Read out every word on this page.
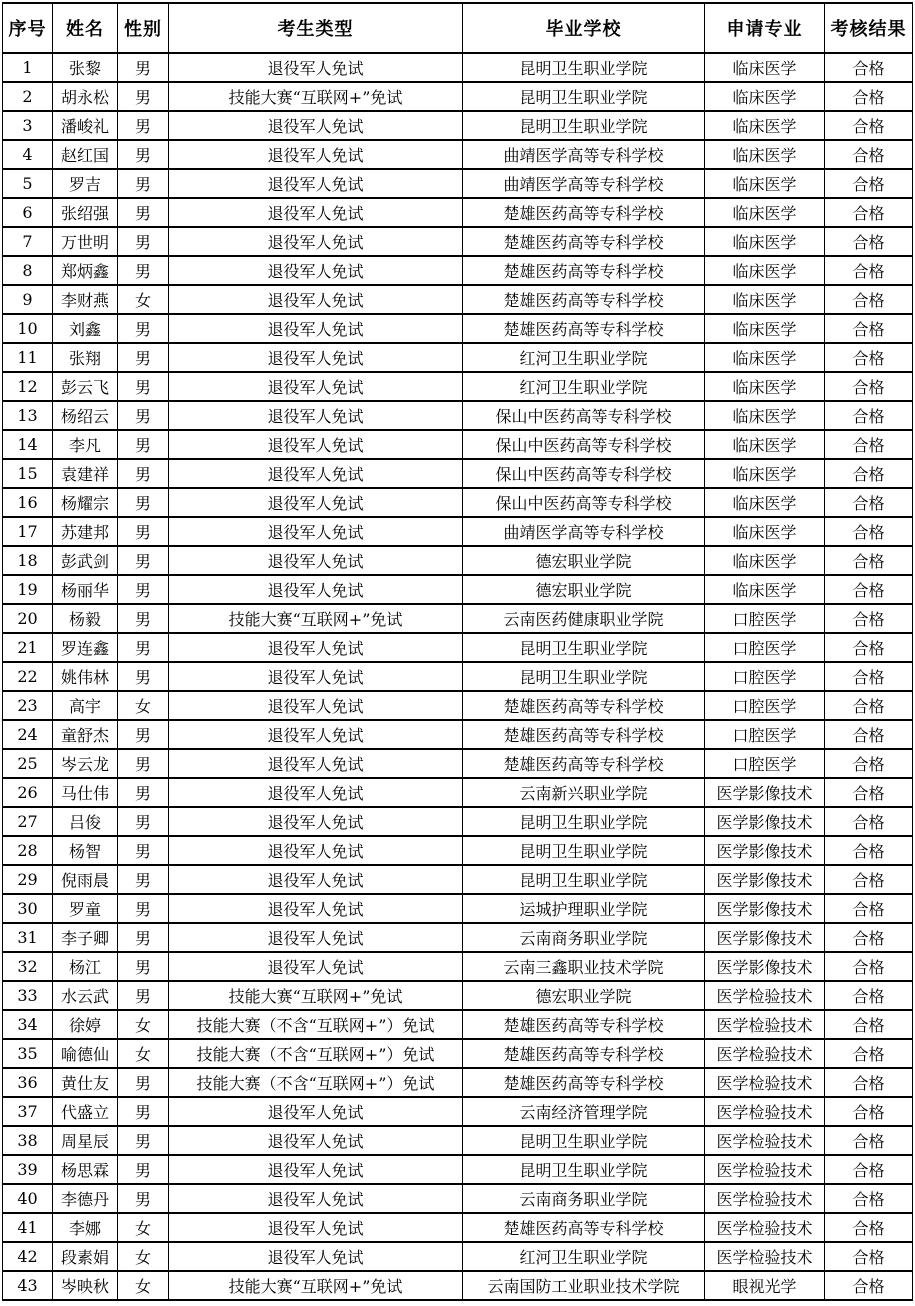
序号	姓名	性别	考生类型	毕业学校	申请专业	考核结果
1	张黎	男	退役军人免试	昆明卫生职业学院	临床医学	合格
2	胡永松	男	技能大赛“互联网+”免试	昆明卫生职业学院	临床医学	合格
3	潘峻礼	男	退役军人免试	昆明卫生职业学院	临床医学	合格
4	赵红国	男	退役军人免试	曲靖医学高等专科学校	临床医学	合格
5	罗吉	男	退役军人免试	曲靖医学高等专科学校	临床医学	合格
6	张绍强	男	退役军人免试	楚雄医药高等专科学校	临床医学	合格
7	万世明	男	退役军人免试	楚雄医药高等专科学校	临床医学	合格
8	郑炳鑫	男	退役军人免试	楚雄医药高等专科学校	临床医学	合格
9	李财燕	女	退役军人免试	楚雄医药高等专科学校	临床医学	合格
10	刘鑫	男	退役军人免试	楚雄医药高等专科学校	临床医学	合格
11	张翔	男	退役军人免试	红河卫生职业学院	临床医学	合格
12	彭云飞	男	退役军人免试	红河卫生职业学院	临床医学	合格
13	杨绍云	男	退役军人免试	保山中医药高等专科学校	临床医学	合格
14	李凡	男	退役军人免试	保山中医药高等专科学校	临床医学	合格
15	袁建祥	男	退役军人免试	保山中医药高等专科学校	临床医学	合格
16	杨耀宗	男	退役军人免试	保山中医药高等专科学校	临床医学	合格
17	苏建邦	男	退役军人免试	曲靖医学高等专科学校	临床医学	合格
18	彭武剑	男	退役军人免试	德宏职业学院	临床医学	合格
19	杨丽华	男	退役军人免试	德宏职业学院	临床医学	合格
20	杨毅	男	技能大赛“互联网+”免试	云南医药健康职业学院	口腔医学	合格
21	罗连鑫	男	退役军人免试	昆明卫生职业学院	口腔医学	合格
22	姚伟林	男	退役军人免试	昆明卫生职业学院	口腔医学	合格
23	高宇	女	退役军人免试	楚雄医药高等专科学校	口腔医学	合格
24	童舒杰	男	退役军人免试	楚雄医药高等专科学校	口腔医学	合格
25	岑云龙	男	退役军人免试	楚雄医药高等专科学校	口腔医学	合格
26	马仕伟	男	退役军人免试	云南新兴职业学院	医学影像技术	合格
27	吕俊	男	退役军人免试	昆明卫生职业学院	医学影像技术	合格
28	杨智	男	退役军人免试	昆明卫生职业学院	医学影像技术	合格
29	倪雨晨	男	退役军人免试	昆明卫生职业学院	医学影像技术	合格
30	罗童	男	退役军人免试	运城护理职业学院	医学影像技术	合格
31	李子卿	男	退役军人免试	云南商务职业学院	医学影像技术	合格
32	杨江	男	退役军人免试	云南三鑫职业技术学院	医学影像技术	合格
33	水云武	男	技能大赛“互联网+”免试	德宏职业学院	医学检验技术	合格
34	徐婷	女	技能大赛（不含“互联网+”）免试	楚雄医药高等专科学校	医学检验技术	合格
35	喻德仙	女	技能大赛（不含“互联网+”）免试	楚雄医药高等专科学校	医学检验技术	合格
36	黄仕友	男	技能大赛（不含“互联网+”）免试	楚雄医药高等专科学校	医学检验技术	合格
37	代盛立	男	退役军人免试	云南经济管理学院	医学检验技术	合格
38	周星辰	男	退役军人免试	昆明卫生职业学院	医学检验技术	合格
39	杨思霖	男	退役军人免试	昆明卫生职业学院	医学检验技术	合格
40	李德丹	男	退役军人免试	云南商务职业学院	医学检验技术	合格
41	李娜	女	退役军人免试	楚雄医药高等专科学校	医学检验技术	合格
42	段素娟	女	退役军人免试	红河卫生职业学院	医学检验技术	合格
43	岑映秋	女	技能大赛“互联网+”免试	云南国防工业职业技术学院	眼视光学	合格
